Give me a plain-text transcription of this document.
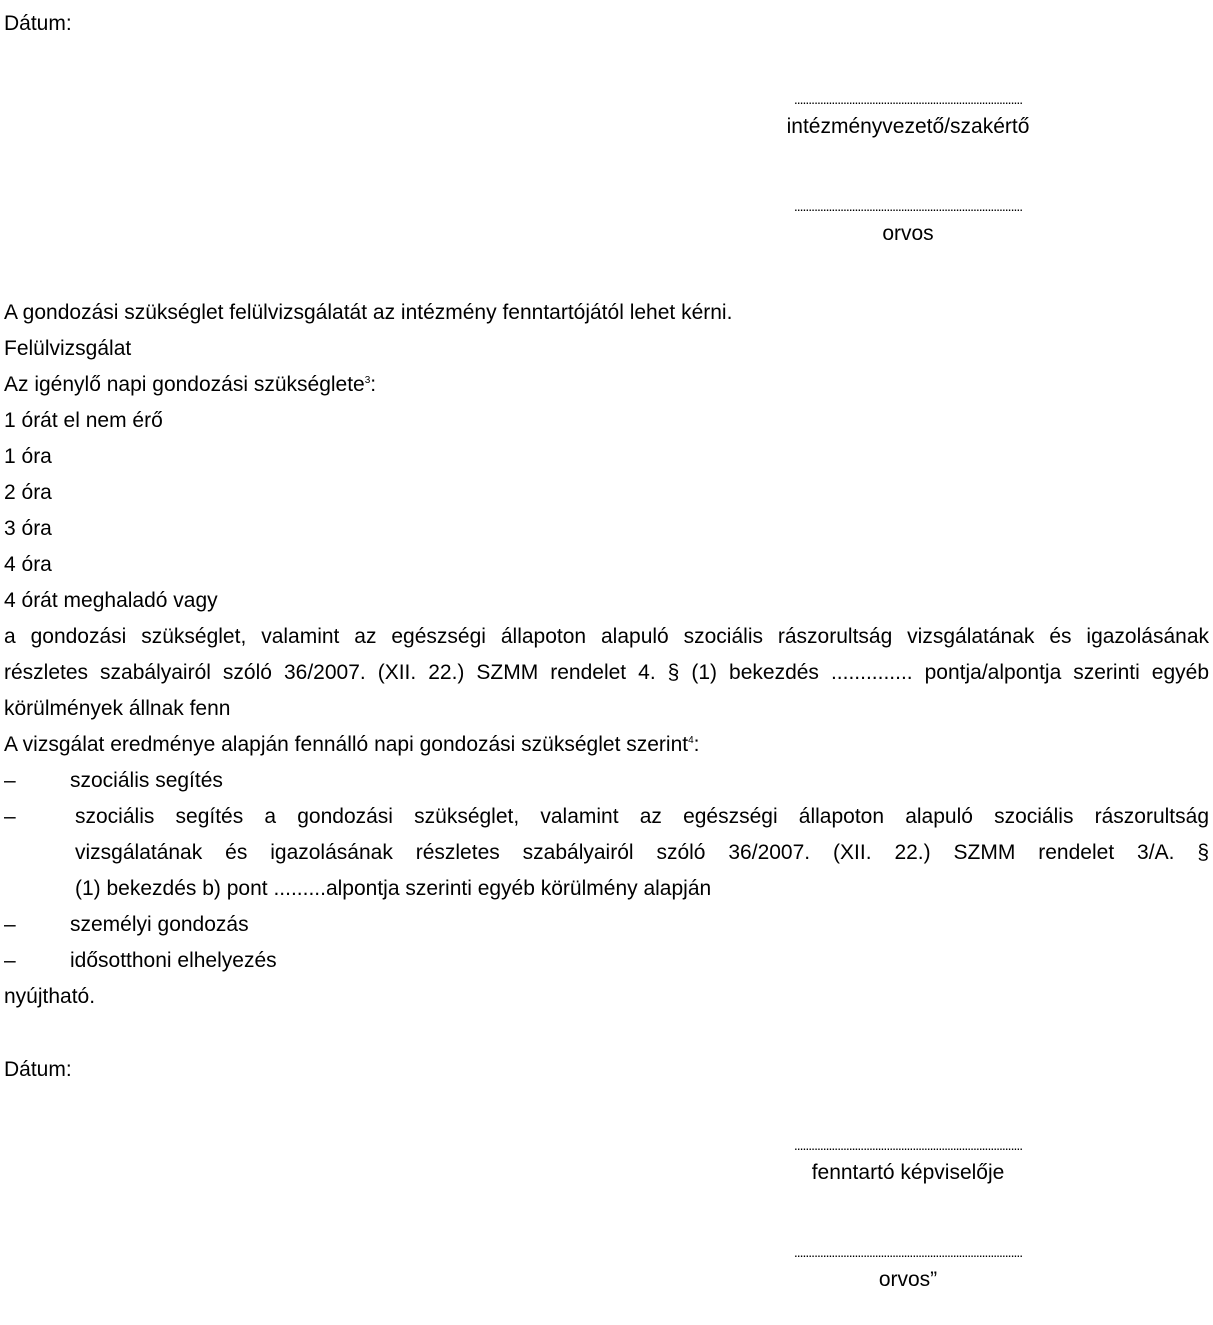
Dátum:
...............................................................................
intézményvezető/szakértő
...............................................................................
orvos
A gondozási szükséglet felülvizsgálatát az intézmény fenntartójától lehet kérni.
Felülvizsgálat
Az igénylő napi gondozási szükséglete$^3$:
1 órát el nem érő
1 óra
2 óra
3 óra
4 óra
4 órát meghaladó vagy
a gondozási szükséglet, valamint az egészségi állapoton alapuló szociális rászorultság vizsgálatának és igazolásának
részletes szabályairól szóló 36/2007. (XII. 22.) SZMM rendelet 4. § (1) bekezdés .............. pontja/alpontja szerinti egyéb
körülmények állnak fenn
A vizsgálat eredménye alapján fennálló napi gondozási szükséglet szerint$^4$:
–	szociális segítés
–	szociális segítés a gondozási szükséglet, valamint az egészségi állapoton alapuló szociális rászorultság
vizsgálatának és igazolásának részletes szabályairól szóló 36/2007. (XII. 22.) SZMM rendelet 3/A. §
(1) bekezdés b) pont .........alpontja szerinti egyéb körülmény alapján
–	személyi gondozás
–	idősotthoni elhelyezés
nyújtható.
Dátum:
...............................................................................
fenntartó képviselője
...............................................................................
orvos”
